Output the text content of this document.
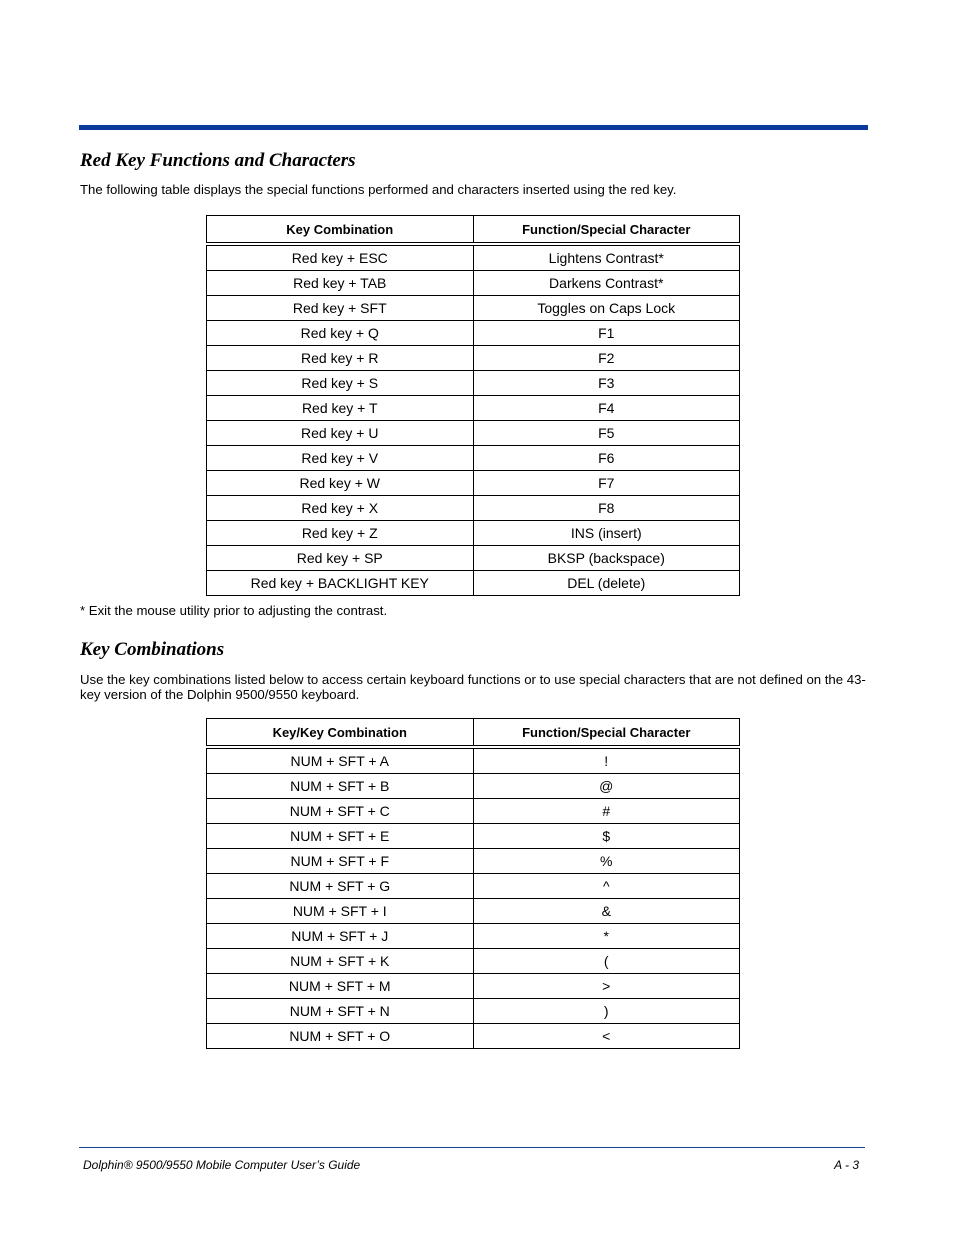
Red Key Functions and Characters

The following table displays the special functions performed and characters inserted using the red key.

Key Combination	Function/Special Character
Red key + ESC	Lightens Contrast*
Red key + TAB	Darkens Contrast*
Red key + SFT	Toggles on Caps Lock
Red key + Q	F1
Red key + R	F2
Red key + S	F3
Red key + T	F4
Red key + U	F5
Red key + V	F6
Red key + W	F7
Red key + X	F8
Red key + Z	INS (insert)
Red key + SP	BKSP (backspace)
Red key + BACKLIGHT KEY	DEL (delete)

* Exit the mouse utility prior to adjusting the contrast.

Key Combinations

Use the key combinations listed below to access certain keyboard functions or to use special characters that are not defined on the 43-key version of the Dolphin 9500/9550 keyboard.

Key/Key Combination	Function/Special Character
NUM + SFT + A	!
NUM + SFT + B	@
NUM + SFT + C	#
NUM + SFT + E	$
NUM + SFT + F	%
NUM + SFT + G	^
NUM + SFT + I	&
NUM + SFT + J	*
NUM + SFT + K	(
NUM + SFT + M	>
NUM + SFT + N	)
NUM + SFT + O	<
Dolphin® 9500/9550 Mobile Computer User’s Guide	A - 3
